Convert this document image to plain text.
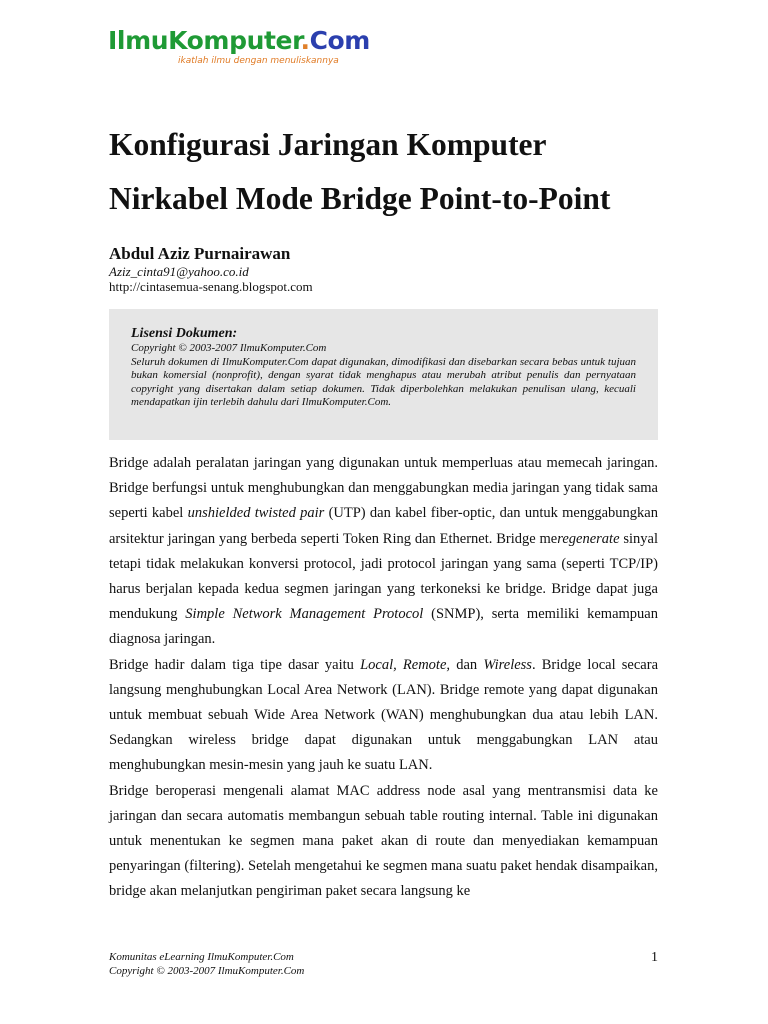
IlmuKomputer.Com
ikatlah ilmu dengan menuliskannya
Konfigurasi Jaringan Komputer
Nirkabel Mode Bridge Point-to-Point
Abdul Aziz Purnairawan
Aziz_cinta91@yahoo.co.id
http://cintasemua-senang.blogspot.com
Lisensi Dokumen:
Copyright © 2003-2007 IlmuKomputer.Com

Seluruh dokumen di IlmuKomputer.Com dapat digunakan, dimodifikasi dan disebarkan secara bebas untuk tujuan bukan komersial (nonprofit), dengan syarat tidak menghapus atau merubah atribut penulis dan pernyataan copyright yang disertakan dalam setiap dokumen. Tidak diperbolehkan melakukan penulisan ulang, kecuali mendapatkan ijin terlebih dahulu dari IlmuKomputer.Com.

Bridge adalah peralatan jaringan yang digunakan untuk memperluas atau memecah jaringan. Bridge berfungsi untuk menghubungkan dan menggabungkan media jaringan yang tidak sama seperti kabel unshielded twisted pair (UTP) dan kabel fiber-optic, dan untuk menggabungkan arsitektur jaringan yang berbeda seperti Token Ring dan Ethernet. Bridge meregenerate sinyal tetapi tidak melakukan konversi protocol, jadi protocol jaringan yang sama (seperti TCP/IP) harus berjalan kepada kedua segmen jaringan yang terkoneksi ke bridge. Bridge dapat juga mendukung Simple Network Management Protocol (SNMP), serta memiliki kemampuan diagnosa jaringan.

Bridge hadir dalam tiga tipe dasar yaitu Local, Remote, dan Wireless. Bridge local secara langsung menghubungkan Local Area Network (LAN). Bridge remote yang dapat digunakan untuk membuat sebuah Wide Area Network (WAN) menghubungkan dua atau lebih LAN. Sedangkan wireless bridge dapat digunakan untuk menggabungkan LAN atau menghubungkan mesin-mesin yang jauh ke suatu LAN.

Bridge beroperasi mengenali alamat MAC address node asal yang mentransmisi data ke jaringan dan secara automatis membangun sebuah table routing internal. Table ini digunakan untuk menentukan ke segmen mana paket akan di route dan menyediakan kemampuan penyaringan (filtering). Setelah mengetahui ke segmen mana suatu paket hendak disampaikan, bridge akan melanjutkan pengiriman paket secara langsung ke

Komunitas eLearning IlmuKomputer.Com
Copyright © 2003-2007 IlmuKomputer.Com
1
